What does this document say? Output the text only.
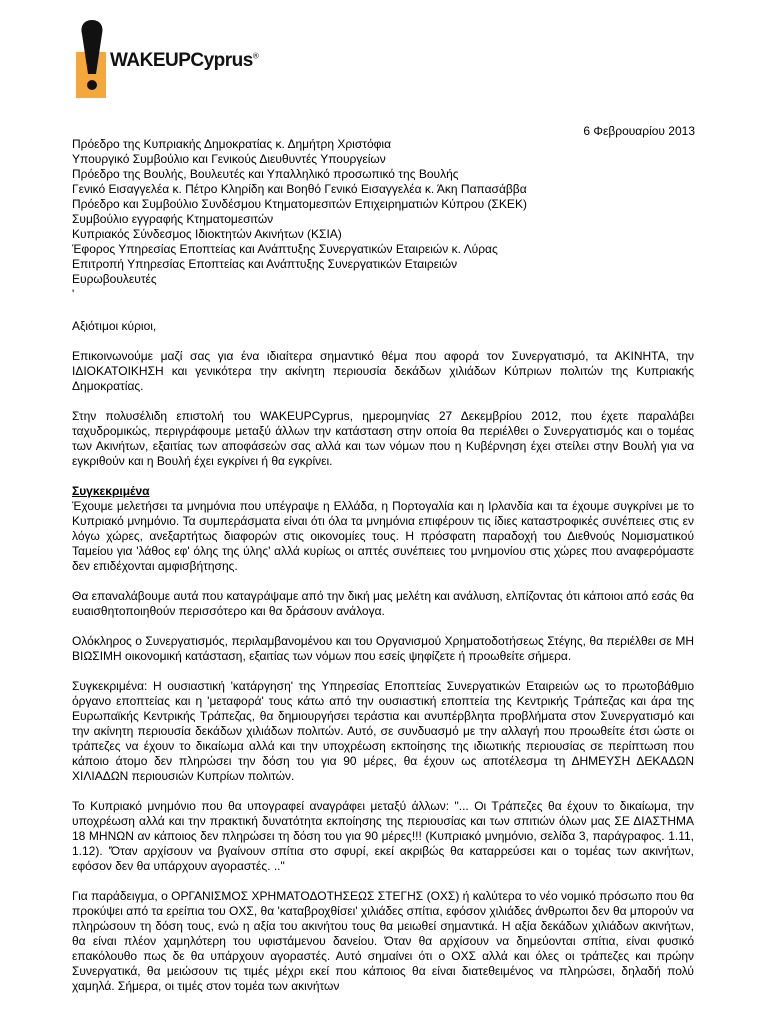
WAKEUPCyprus®
6 Φεβρουαρίου 2013
Πρόεδρο της Κυπριακής Δημοκρατίας κ. Δημήτρη Χριστόφια
Υπουργικό Συμβούλιο και Γενικούς Διευθυντές Υπουργείων
Πρόεδρο της Βουλής, Βουλευτές και Υπαλληλικό προσωπικό της Βουλής
Γενικό Εισαγγελέα κ. Πέτρο Κληρίδη και Βοηθό Γενικό Εισαγγελέα κ. Άκη Παπασάββα
Πρόεδρο και Συμβούλιο Συνδέσμου Κτηματομεσιτών Επιχειρηματιών Κύπρου (ΣΚΕΚ)
Συμβούλιο εγγραφής Κτηματομεσιτών
Κυπριακός Σύνδεσμος Ιδιοκτητών Ακινήτων (ΚΣΙΑ)
Έφορος Υπηρεσίας Εποπτείας και Ανάπτυξης Συνεργατικών Εταιρειών κ. Λύρας
Επιτροπή Υπηρεσίας Εποπτείας και Ανάπτυξης Συνεργατικών Εταιρειών
Ευρωβουλευτές
'

Αξιότιμοι κύριοι,

Επικοινωνούμε μαζί σας για ένα ιδιαίτερα σημαντικό θέμα που αφορά τον Συνεργατισμό, τα ΑΚΙΝΗΤΑ, την ΙΔΙΟΚΑΤΟΙΚΗΣΗ και γενικότερα την ακίνητη περιουσία δεκάδων χιλιάδων Κύπριων πολιτών της Κυπριακής Δημοκρατίας.

Στην πολυσέλιδη επιστολή του WAKEUPCyprus, ημερομηνίας 27 Δεκεμβρίου 2012, που έχετε παραλάβει ταχυδρομικώς, περιγράφουμε μεταξύ άλλων την κατάσταση στην οποία θα περιέλθει ο Συνεργατισμός και ο τομέας των Ακινήτων, εξαιτίας των αποφάσεών σας αλλά και των νόμων που η Κυβέρνηση έχει στείλει στην Βουλή για να εγκριθούν και η Βουλή έχει εγκρίνει ή θα εγκρίνει.

Συγκεκριμένα

Έχουμε μελετήσει τα μνημόνια που υπέγραψε η Ελλάδα, η Πορτογαλία και η Ιρλανδία και τα έχουμε συγκρίνει με το Κυπριακό μνημόνιο. Τα συμπεράσματα είναι ότι όλα τα μνημόνια επιφέρουν τις ίδιες καταστροφικές συνέπειες στις εν λόγω χώρες, ανεξαρτήτως διαφορών στις οικονομίες τους. Η πρόσφατη παραδοχή του Διεθνούς Νομισματικού Ταμείου για 'λάθος εφ' όλης της ύλης' αλλά κυρίως οι απτές συνέπειες του μνημονίου στις χώρες που αναφερόμαστε δεν επιδέχονται αμφισβήτησης.

Θα επαναλάβουμε αυτά που καταγράψαμε από την δική μας μελέτη και ανάλυση, ελπίζοντας ότι κάποιοι από εσάς θα ευαισθητοποιηθούν περισσότερο και θα δράσουν ανάλογα.

Ολόκληρος ο Συνεργατισμός, περιλαμβανομένου και του Οργανισμού Χρηματοδοτήσεως Στέγης, θα περιέλθει σε ΜΗ ΒΙΩΣΙΜΗ οικονομική κατάσταση, εξαιτίας των νόμων που εσείς ψηφίζετε ή προωθείτε σήμερα.

Συγκεκριμένα: Η ουσιαστική 'κατάργηση' της Υπηρεσίας Εποπτείας Συνεργατικών Εταιρειών ως το πρωτοβάθμιο όργανο εποπτείας και η 'μεταφορά' τους κάτω από την ουσιαστική εποπτεία της Κεντρικής Τράπεζας και άρα της Ευρωπαϊκής Κεντρικής Τράπεζας, θα δημιουργήσει τεράστια και ανυπέρβλητα προβλήματα στον Συνεργατισμό και την ακίνητη περιουσία δεκάδων χιλιάδων πολιτών. Αυτό, σε συνδυασμό με την αλλαγή που προωθείτε έτσι ώστε οι τράπεζες να έχουν το δικαίωμα αλλά και την υποχρέωση εκποίησης της ιδιωτικής περιουσίας σε περίπτωση που κάποιο άτομο δεν πληρώσει την δόση του για 90 μέρες, θα έχουν ως αποτέλεσμα τη ΔΗΜΕΥΣΗ ΔΕΚΑΔΩΝ ΧΙΛΙΑΔΩΝ περιουσιών Κυπρίων πολιτών.

Το Κυπριακό μνημόνιο που θα υπογραφεί αναγράφει μεταξύ άλλων: "... Οι Τράπεζες θα έχουν το δικαίωμα, την υποχρέωση αλλά και την πρακτική δυνατότητα εκποίησης της περιουσίας και των σπιτιών όλων μας ΣΕ ΔΙΑΣΤΗΜΑ 18 ΜΗΝΩΝ αν κάποιος δεν πληρώσει τη δόση του για 90 μέρες!!! (Κυπριακό μνημόνιο, σελίδα 3, παράγραφος. 1.11, 1.12). 'Όταν αρχίσουν να βγαίνουν σπίτια στο σφυρί, εκεί ακριβώς θα καταρρεύσει και ο τομέας των ακινήτων, εφόσον δεν θα υπάρχουν αγοραστές. .."

Για παράδειγμα, ο ΟΡΓΑΝΙΣΜΟΣ ΧΡΗΜΑΤΟΔΟΤΗΣΕΩΣ ΣΤΕΓΗΣ (ΟΧΣ) ή καλύτερα το νέο νομικό πρόσωπο που θα προκύψει από τα ερείπια του ΟΧΣ, θα 'καταβροχθίσει' χιλιάδες σπίτια, εφόσον χιλιάδες άνθρωποι δεν θα μπορούν να πληρώσουν τη δόση τους, ενώ η αξία του ακινήτου τους θα μειωθεί σημαντικά. Η αξία δεκάδων χιλιάδων ακινήτων, θα είναι πλέον χαμηλότερη του υφιστάμενου δανείου. Όταν θα αρχίσουν να δημεύονται σπίτια, είναι φυσικό επακόλουθο πως δε θα υπάρχουν αγοραστές. Αυτό σημαίνει ότι ο ΟΧΣ αλλά και όλες οι τράπεζες και πρώην Συνεργατικά, θα μειώσουν τις τιμές μέχρι εκεί που κάποιος θα είναι διατεθειμένος να πληρώσει, δηλαδή πολύ χαμηλά. Σήμερα, οι τιμές στον τομέα των ακινήτων
